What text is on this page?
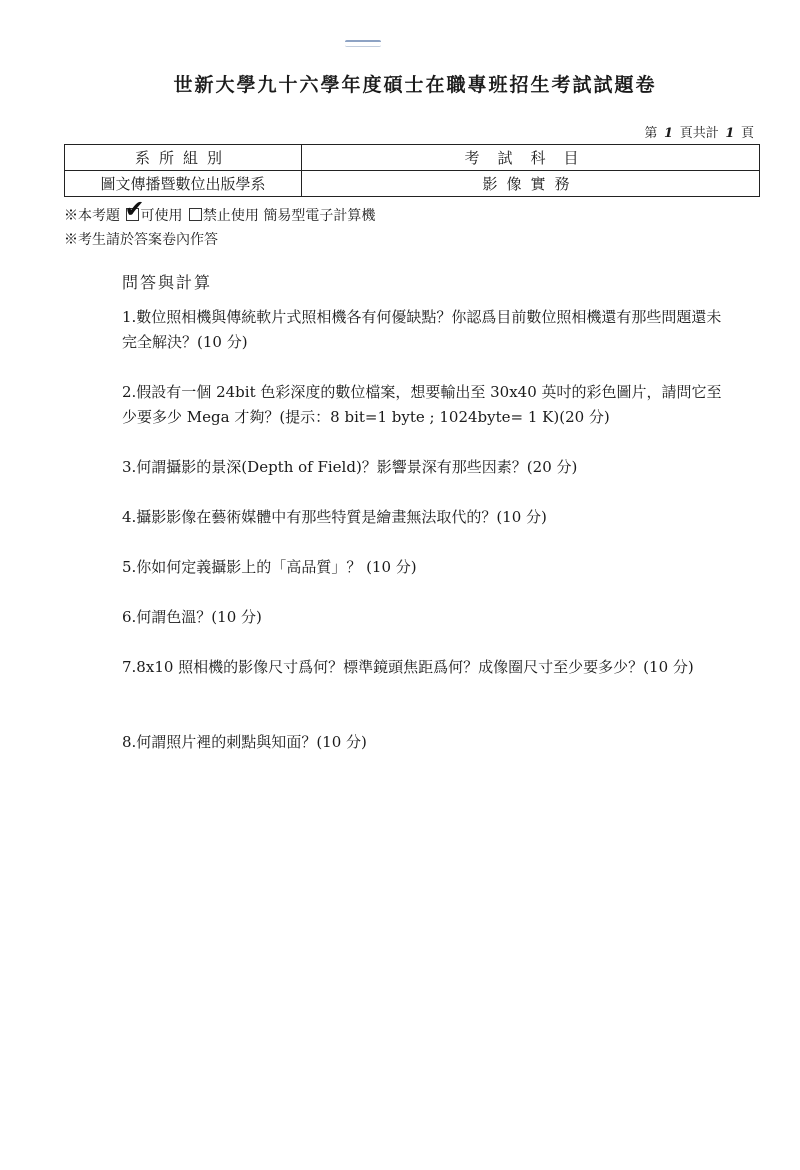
世新大學九十六學年度碩士在職專班招生考試試題卷
第 1 頁共計 1 頁
系所組別	考試科目
圖文傳播暨數位出版學系	影像實務
※本考題 ✔
可使用 禁止使用 簡易型電子計算機
※考生請於答案卷內作答
問答與計算
1.數位照相機與傳統軟片式照相機各有何優缺點？你認爲目前數位照相機還有那些問題還未完全解決？(10 分)
2.假設有一個 24bit 色彩深度的數位檔案，想要輸出至 30x40 英吋的彩色圖片，請問它至少要多少 Mega 才夠？(提示：8 bit=1 byte ; 1024byte= 1 K)(20 分)
3.何謂攝影的景深(Depth of Field)？影響景深有那些因素？(20 分)
4.攝影影像在藝術媒體中有那些特質是繪畫無法取代的？(10 分)
5.你如何定義攝影上的「高品質」？ (10 分)
6.何謂色溫？(10 分)
7.8x10 照相機的影像尺寸爲何？標準鏡頭焦距爲何？成像圈尺寸至少要多少？(10 分)
8.何謂照片裡的刺點與知面？(10 分)
